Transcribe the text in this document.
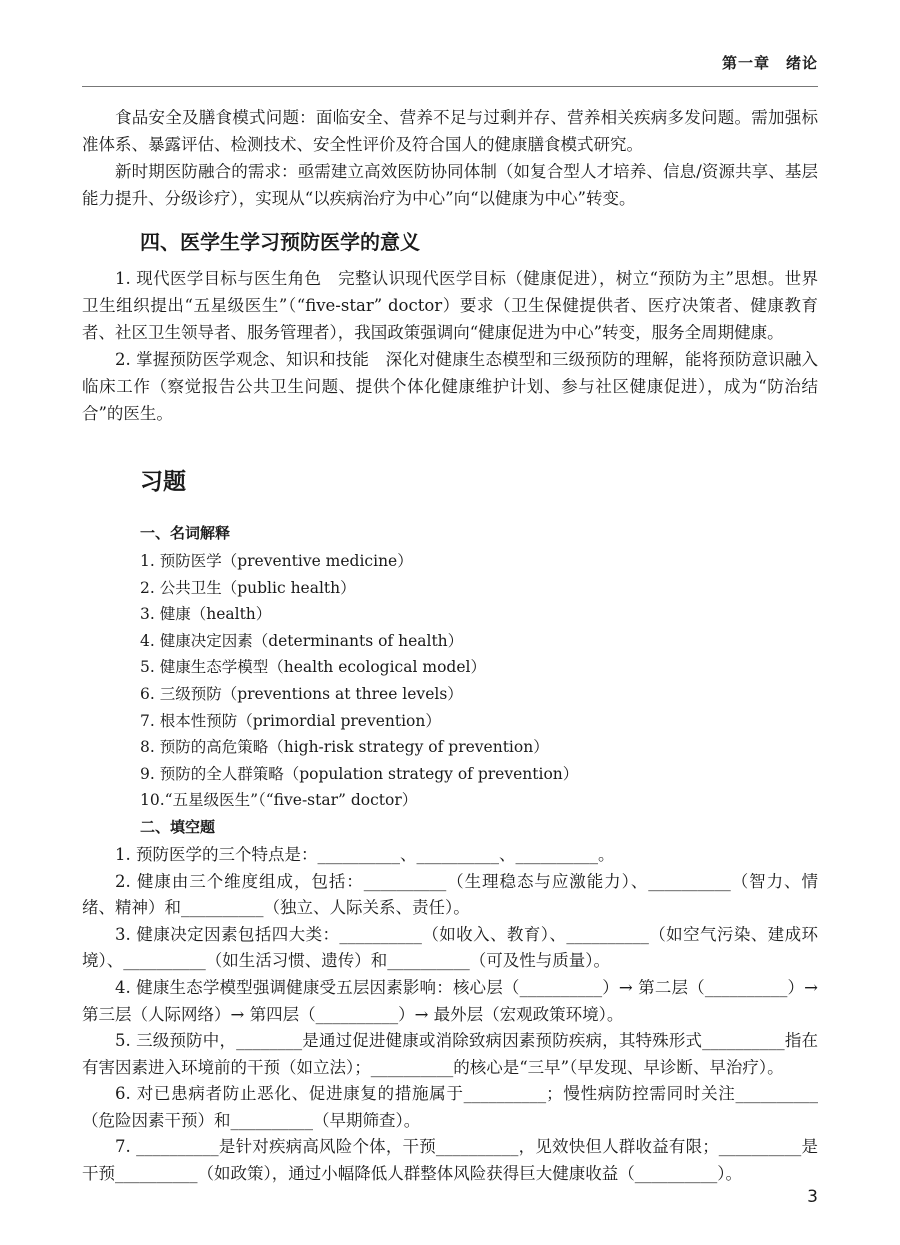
第一章　绪论

食品安全及膳食模式问题：面临安全、营养不足与过剩并存、营养相关疾病多发问题。需加强标准体系、暴露评估、检测技术、安全性评价及符合国人的健康膳食模式研究。

新时期医防融合的需求：亟需建立高效医防协同体制（如复合型人才培养、信息/资源共享、基层能力提升、分级诊疗），实现从“以疾病治疗为中心”向“以健康为中心”转变。

四、医学生学习预防医学的意义

1. 现代医学目标与医生角色　完整认识现代医学目标（健康促进），树立“预防为主”思想。世界卫生组织提出“五星级医生”（“five-star” doctor）要求（卫生保健提供者、医疗决策者、健康教育者、社区卫生领导者、服务管理者），我国政策强调向“健康促进为中心”转变，服务全周期健康。

2. 掌握预防医学观念、知识和技能　深化对健康生态模型和三级预防的理解，能将预防意识融入临床工作（察觉报告公共卫生问题、提供个体化健康维护计划、参与社区健康促进），成为“防治结合”的医生。

习题
一、名词解释
1. 预防医学（preventive medicine）
2. 公共卫生（public health）
3. 健康（health）
4. 健康决定因素（determinants of health）
5. 健康生态学模型（health ecological model）
6. 三级预防（preventions at three levels）
7. 根本性预防（primordial prevention）
8. 预防的高危策略（high-risk strategy of prevention）
9. 预防的全人群策略（population strategy of prevention）
10.“五星级医生”（“five-star” doctor）
二、填空题

1. 预防医学的三个特点是：__________、__________、__________。

2. 健康由三个维度组成，包括：__________（生理稳态与应激能力）、__________（智力、情绪、精神）和__________（独立、人际关系、责任）。

3. 健康决定因素包括四大类：__________（如收入、教育）、__________（如空气污染、建成环境）、__________（如生活习惯、遗传）和__________（可及性与质量）。

4. 健康生态学模型强调健康受五层因素影响：核心层（__________）→ 第二层（__________）→ 第三层（人际网络）→ 第四层（__________）→ 最外层（宏观政策环境）。

5. 三级预防中，________是通过促进健康或消除致病因素预防疾病，其特殊形式__________指在有害因素进入环境前的干预（如立法）；__________的核心是“三早”（早发现、早诊断、早治疗）。

6. 对已患病者防止恶化、促进康复的措施属于__________；慢性病防控需同时关注__________（危险因素干预）和__________（早期筛查）。

7. __________是针对疾病高风险个体，干预__________，见效快但人群收益有限；__________是干预__________（如政策），通过小幅降低人群整体风险获得巨大健康收益（__________）。

3
